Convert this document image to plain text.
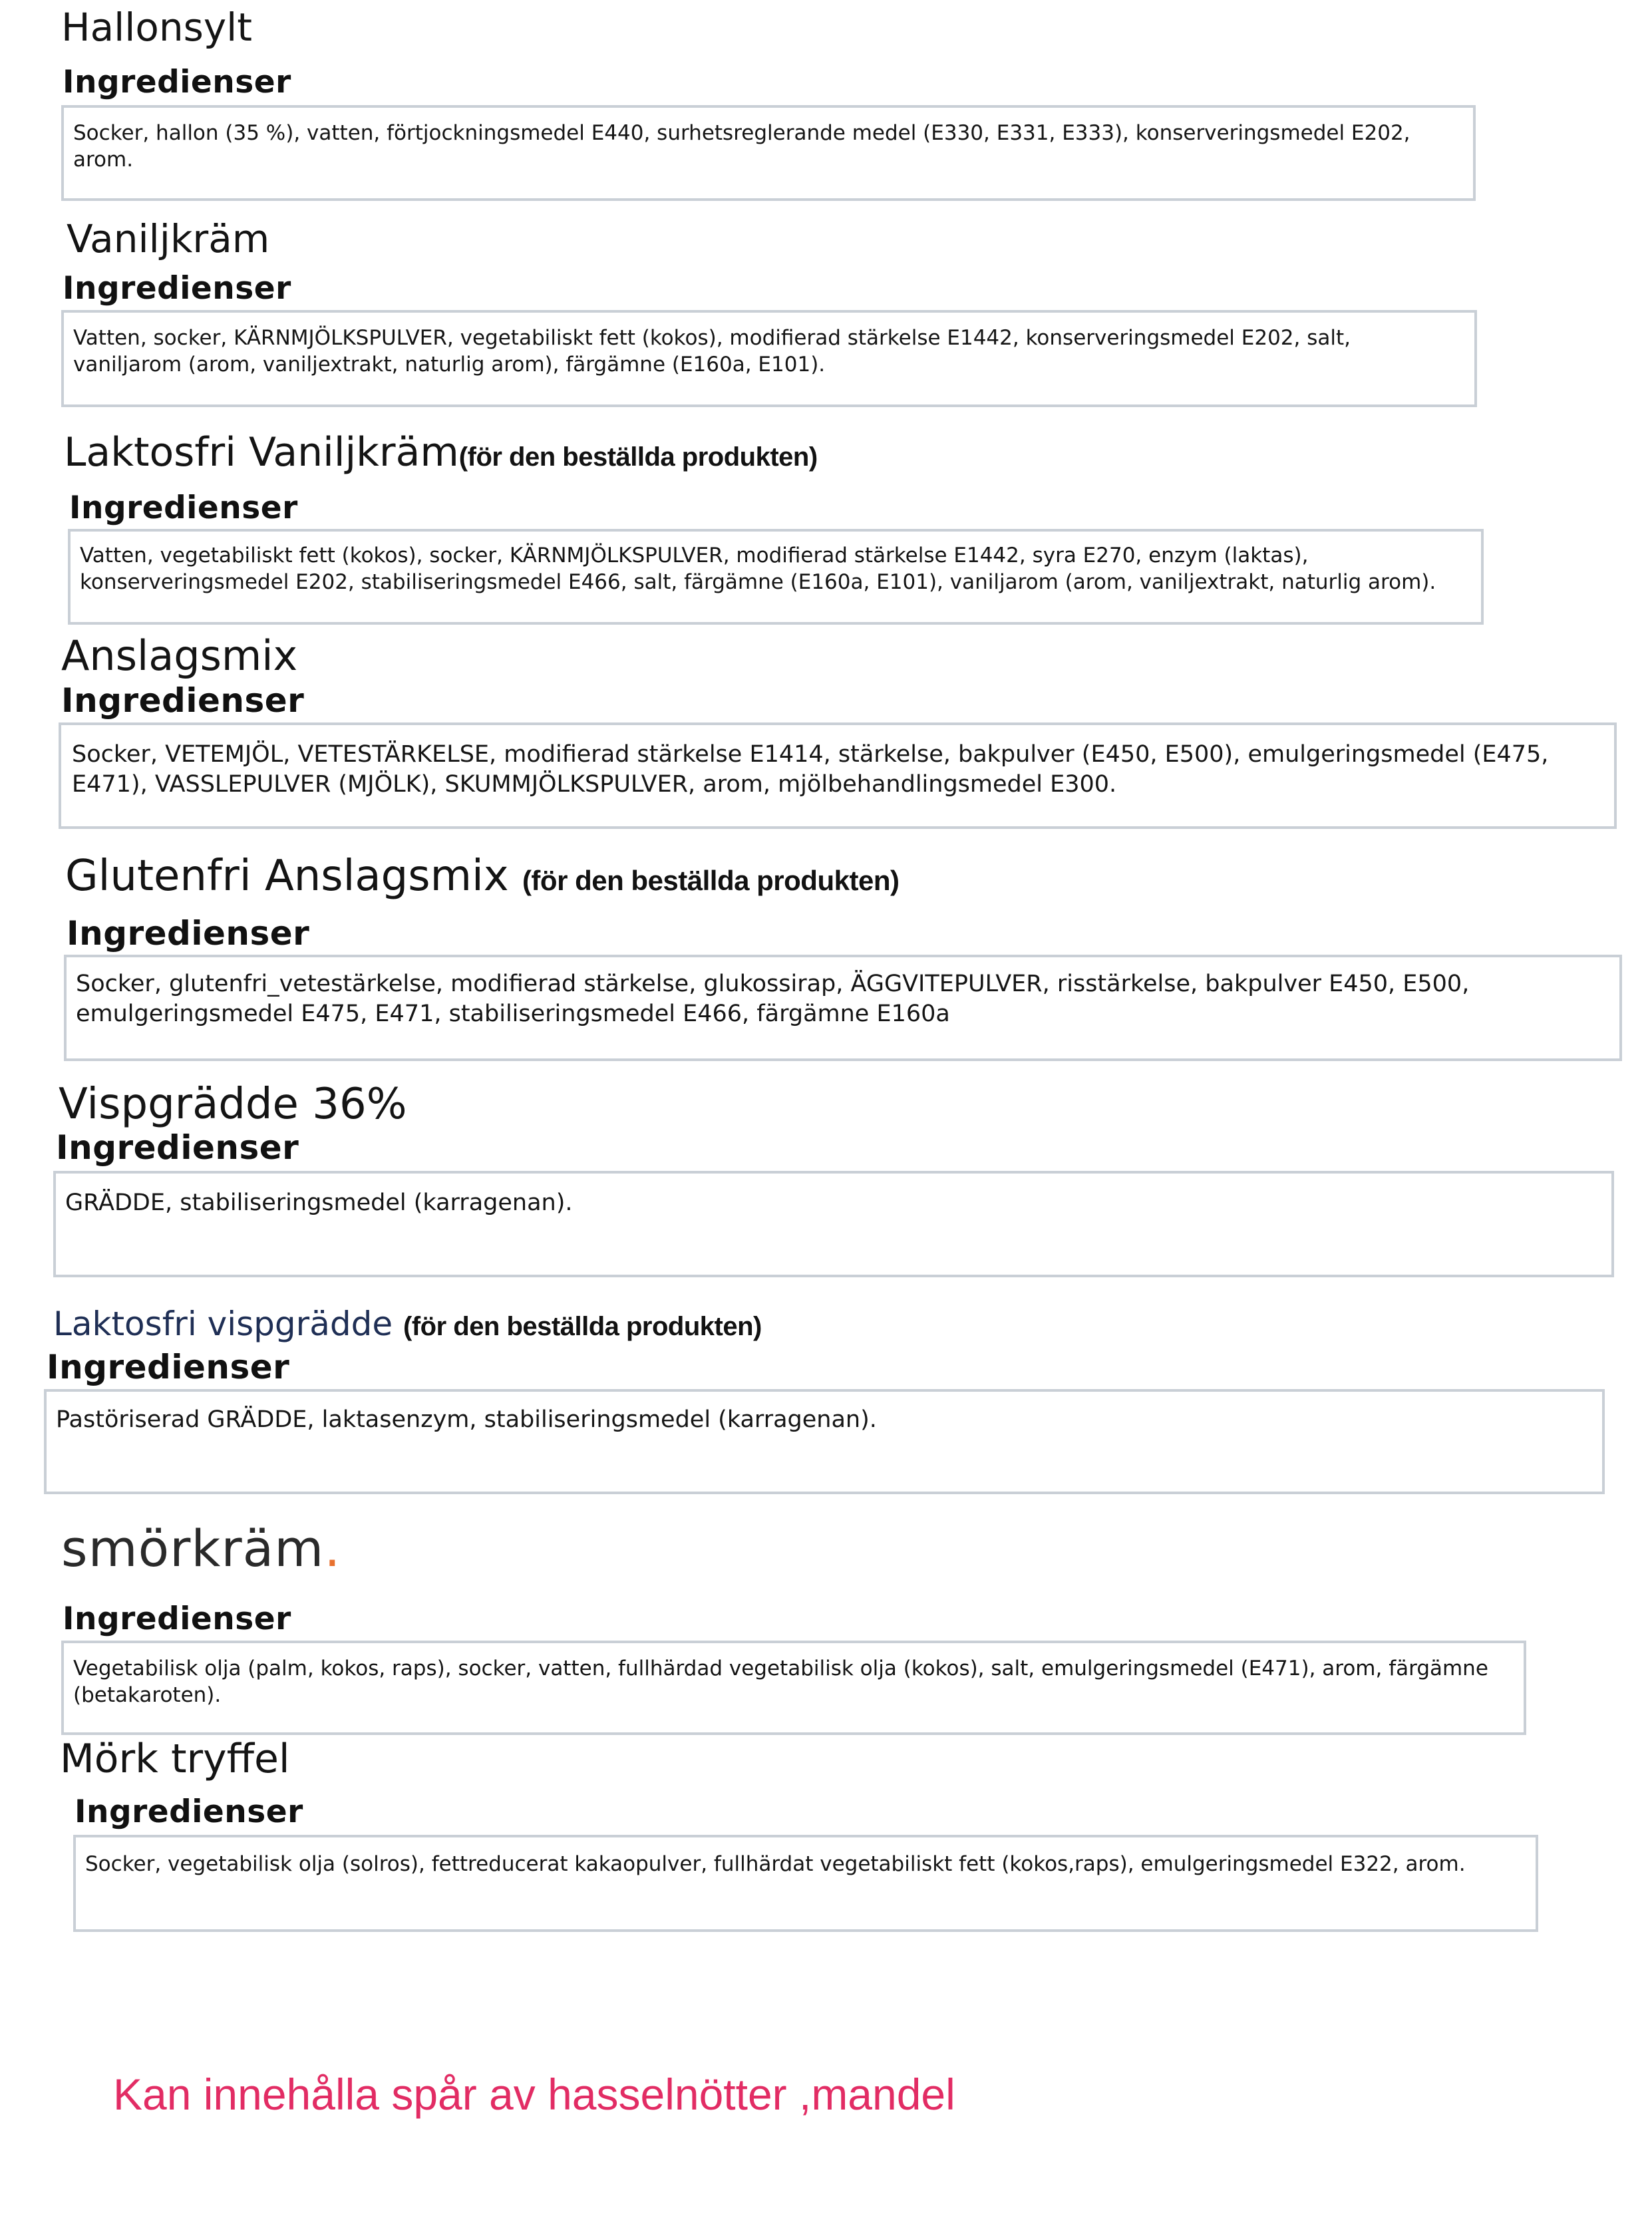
Hallonsylt
Ingredienser

Socker, hallon (35 %), vatten, förtjockningsmedel E440, surhetsreglerande medel (E330, E331, E333), konserveringsmedel E202, arom.

Vaniljkräm
Ingredienser

Vatten, socker, KÄRNMJÖLKSPULVER, vegetabiliskt fett (kokos), modifierad stärkelse E1442, konserveringsmedel E202, salt, vaniljarom (arom, vaniljextrakt, naturlig arom), färgämne (E160a, E101).

Laktosfri Vaniljkräm(för den beställda produkten)
Ingredienser

Vatten, vegetabiliskt fett (kokos), socker, KÄRNMJÖLKSPULVER, modifierad stärkelse E1442, syra E270, enzym (laktas), konserveringsmedel E202, stabiliseringsmedel E466, salt, färgämne (E160a, E101), vaniljarom (arom, vaniljextrakt, naturlig arom).

Anslagsmix
Ingredienser

Socker, VETEMJÖL, VETESTÄRKELSE, modifierad stärkelse E1414, stärkelse, bakpulver (E450, E500), emulgeringsmedel (E475, E471), VASSLEPULVER (MJÖLK), SKUMMJÖLKSPULVER, arom, mjölbehandlingsmedel E300.

Glutenfri Anslagsmix (för den beställda produkten)
Ingredienser

Socker, glutenfri_vetestärkelse, modifierad stärkelse, glukossirap, ÄGGVITEPULVER, risstärkelse, bakpulver E450, E500, emulgeringsmedel E475, E471, stabiliseringsmedel E466, färgämne E160a

Vispgrädde 36%
Ingredienser

GRÄDDE, stabiliseringsmedel (karragenan).

Laktosfri vispgrädde (för den beställda produkten)
Ingredienser

Pastöriserad GRÄDDE, laktasenzym, stabiliseringsmedel (karragenan).

smörkräm.
Ingredienser

Vegetabilisk olja (palm, kokos, raps), socker, vatten, fullhärdad vegetabilisk olja (kokos), salt, emulgeringsmedel (E471), arom, färgämne (betakaroten).

Mörk tryffel
Ingredienser

Socker, vegetabilisk olja (solros), fettreducerat kakaopulver, fullhärdat vegetabiliskt fett (kokos,raps), emulgeringsmedel E322, arom.

Kan innehålla spår av hasselnötter ,mandel
